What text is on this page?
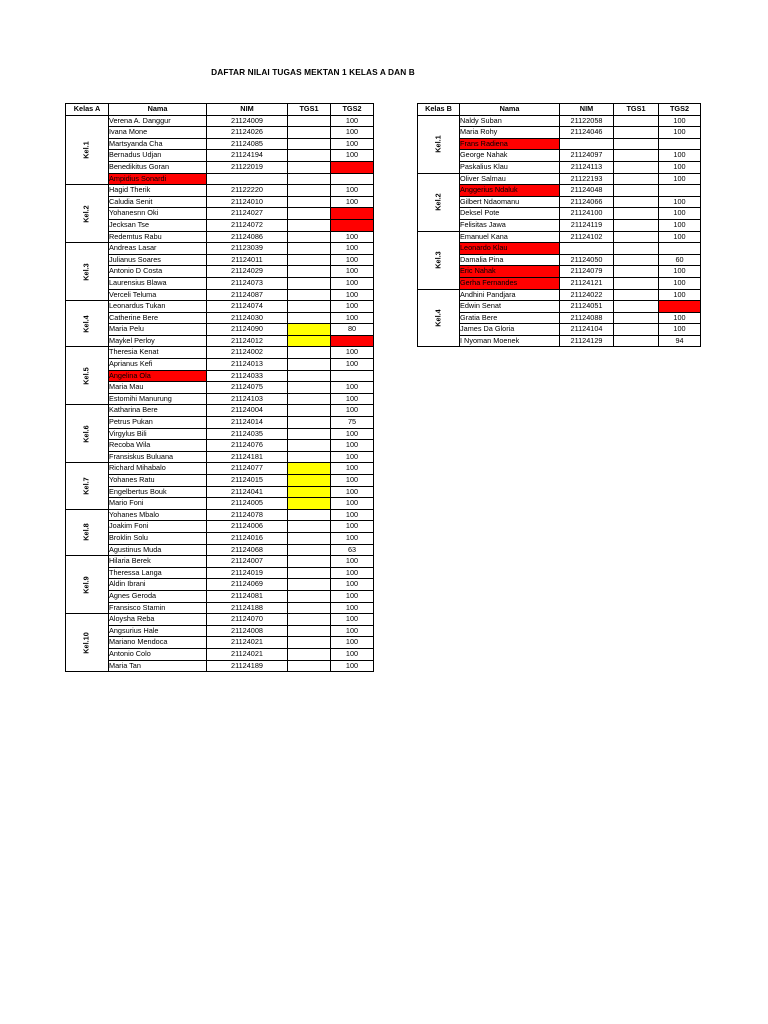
DAFTAR NILAI TUGAS MEKTAN 1 KELAS A DAN B
Kelas A	Nama	NIM	TGS1	TGS2

Kel.1	Verena A. Danggur	21124009		100
	Ivana Mone	21124026		100
	Martsyanda Cha	21124085		100
	Bernadus Udjan	21124194		100
	Benedikitus Goran	21122019		
	Ampidius Sonardi			

Kel.2	Hagid Therik	21122220		100
	Caludia Senit	21124010		100
	Yohanesnn Oki	21124027		
	Jecksan Tse	21124072		
	Redemtus Rabu	21124086		100

Kel.3	Andreas Lasar	21123039		100
	Julianus Soares	21124011		100
	Antonio D Costa	21124029		100
	Laurensius Blawa	21124073		100
	Verceli Teluma	21124087		100

Kel.4	Leonardus Tukan	21124074		100
	Catherine Bere	21124030		100
	Maria Pelu	21124090		80
	Maykel Perloy	21124012		

Kel.5	Theresia Kenat	21124002		100
	Aprianus Kefi	21124013		100
	Angelina Ola	21124033		
	Maria Mau	21124075		100
	Estomihi Manurung	21124103		100

Kel.6	Katharina Bere	21124004		100
	Petrus Pukan	21124014		75
	Virgylus Bili	21124035		100
	Recoba Wila	21124076		100
	Fransiskus Buluana	21124181		100

Kel.7	Richard Mihabalo	21124077		100
	Yohanes Ratu	21124015		100
	Engelbertus Bouk	21124041		100
	Mario Foni	21124005		100

Kel.8	Yohanes Mbalo	21124078		100
	Joakim Foni	21124006		100
	Broklin Solu	21124016		100
	Agustinus Muda	21124068		63

Kel.9	Hilaria Berek	21124007		100
	Theressa Langa	21124019		100
	Aldin Ibrani	21124069		100
	Agnes Geroda	21124081		100
	Fransisco Stamin	21124188		100

Kel.10	Aloysha Reba	21124070		100
	Angsurius Hale	21124008		100
	Mariano Mendoca	21124021		100
	Antonio Colo	21124021		100
	Maria Tan	21124189		100
Kelas B	Nama	NIM	TGS1	TGS2

Kel.1	Naldy Suban	21122058		100
	Maria Rohy	21124046		100
	Frans Radiena			
	George Nahak	21124097		100
	Paskalius Klau	21124113		100

Kel.2	Oliver Salmau	21122193		100
	Anggerius Ndaluk	21124048		
	Gilbert Ndaomanu	21124066		100
	Deksel Pote	21124100		100
	Felisitas Jawa	21124119		100

Kel.3	Emanuel Kana	21124102		100
	Leonardo Klau			
	Damalia Pina	21124050		60
	Eric Nahak	21124079		100
	Gerha Fernandes	21124121		100

Kel.4	Andhini Pandjara	21124022		100
	Edwin Senat	21124051		
	Gratia Bere	21124088		100
	James Da Gloria	21124104		100
	I Nyoman Moenek	21124129		94
